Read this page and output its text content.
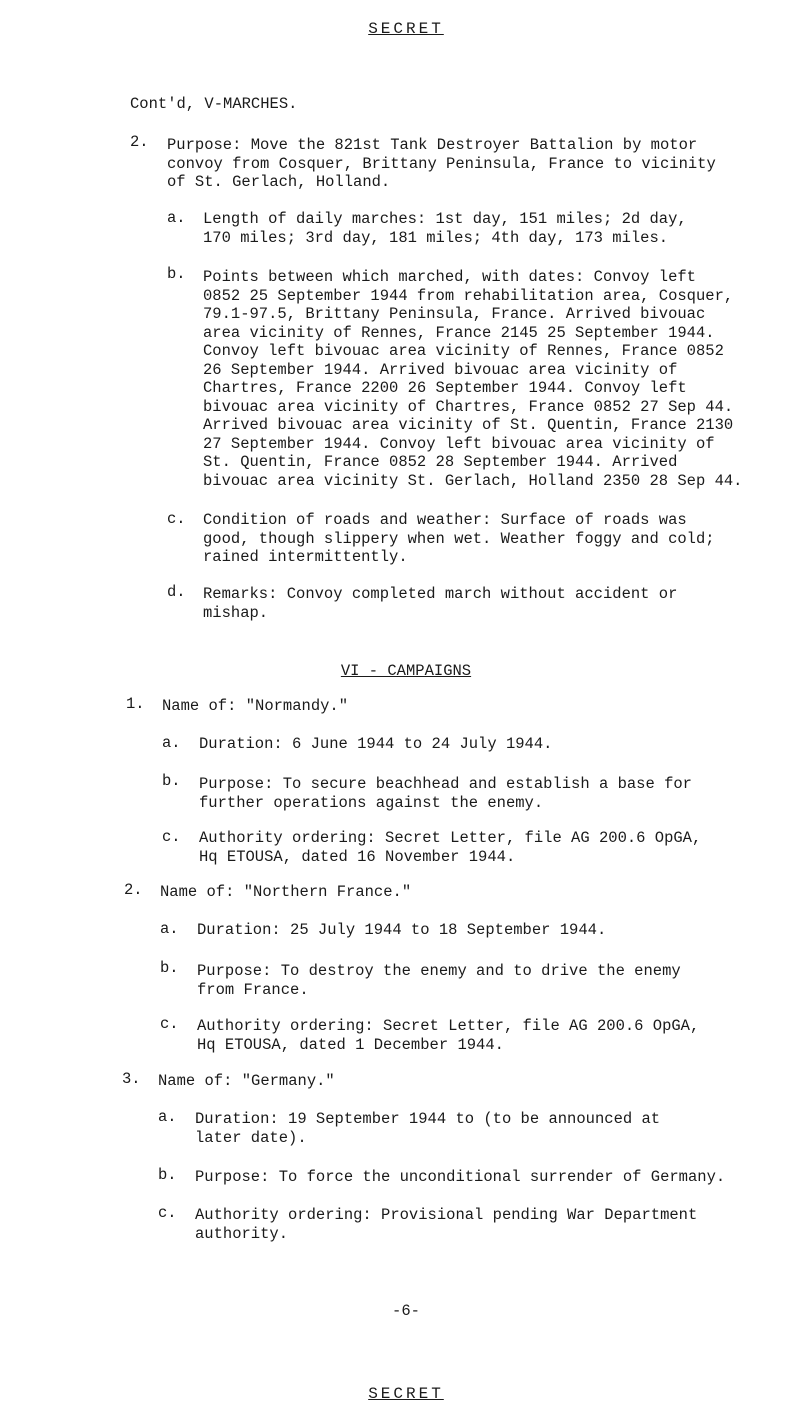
SECRET
Cont'd, V-MARCHES.
2. Purpose: Move the 821st Tank Destroyer Battalion by motor
convoy from Cosquer, Brittany Peninsula, France to vicinity
of St. Gerlach, Holland.
a. Length of daily marches: 1st day, 151 miles; 2d day,
170 miles; 3rd day, 181 miles; 4th day, 173 miles.
b. Points between which marched, with dates: Convoy left
0852 25 September 1944 from rehabilitation area, Cosquer,
79.1-97.5, Brittany Peninsula, France. Arrived bivouac
area vicinity of Rennes, France 2145 25 September 1944.
Convoy left bivouac area vicinity of Rennes, France 0852
26 September 1944. Arrived bivouac area vicinity of
Chartres, France 2200 26 September 1944. Convoy left
bivouac area vicinity of Chartres, France 0852 27 Sep 44.
Arrived bivouac area vicinity of St. Quentin, France 2130
27 September 1944. Convoy left bivouac area vicinity of
St. Quentin, France 0852 28 September 1944. Arrived
bivouac area vicinity St. Gerlach, Holland 2350 28 Sep 44.
c. Condition of roads and weather: Surface of roads was
good, though slippery when wet. Weather foggy and cold;
rained intermittently.
d. Remarks: Convoy completed march without accident or
mishap.
VI - CAMPAIGNS
1. Name of: "Normandy."
a. Duration: 6 June 1944 to 24 July 1944.
b. Purpose: To secure beachhead and establish a base for
further operations against the enemy.
c. Authority ordering: Secret Letter, file AG 200.6 OpGA,
Hq ETOUSA, dated 16 November 1944.
2. Name of: "Northern France."
a. Duration: 25 July 1944 to 18 September 1944.
b. Purpose: To destroy the enemy and to drive the enemy
from France.
c. Authority ordering: Secret Letter, file AG 200.6 OpGA,
Hq ETOUSA, dated 1 December 1944.
3. Name of: "Germany."
a. Duration: 19 September 1944 to (to be announced at
later date).
b. Purpose: To force the unconditional surrender of Germany.
c. Authority ordering: Provisional pending War Department
authority.
-6-
SECRET
